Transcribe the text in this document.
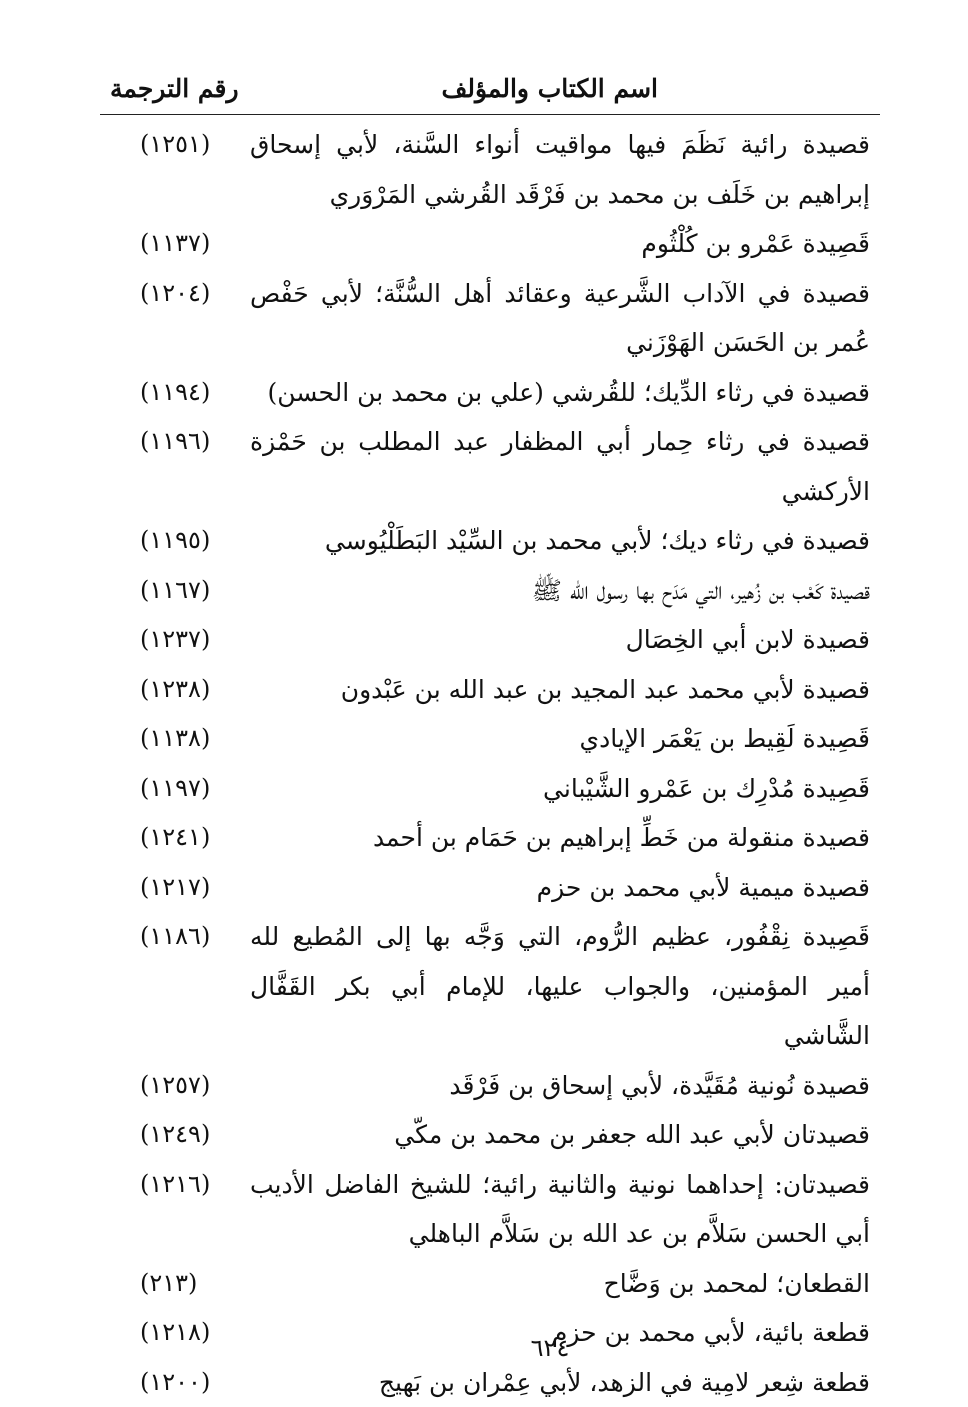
اسم الكتاب والمؤلف
رقم الترجمة
قصيدة رائية نَظَمَ فيها مواقيت أنواء السَّنة، لأبي إسحاق إبراهيم بن خَلَف بن محمد بن فَرْقَد القُرشي المَرْوَري
(١٢٥١)
قَصِيدة عَمْرو بن كُلْثُوم
(١١٣٧)
قصيدة في الآداب الشَّرعية وعقائد أهل السُّنَّة؛ لأبي حَفْص عُمر بن الحَسَن الهَوْزَني
(١٢٠٤)
قصيدة في رثاء الدِّيك؛ للقُرشي (علي بن محمد بن الحسن)
(١١٩٤)
قصيدة في رثاء حِمار أبي المظفار عبد المطلب بن حَمْزة الأركشي
(١١٩٦)
قصيدة في رثاء ديك؛ لأبي محمد بن السِّيْد البَطَلْيُوسي
(١١٩٥)
قصيدة كَعْب بن زُهير، التي مَدَح بها رسول الله ﷺ
(١١٦٧)
قصيدة لابن أبي الخِصَال
(١٢٣٧)
قصيدة لأبي محمد عبد المجيد بن عبد الله بن عَبْدون
(١٢٣٨)
قَصِيدة لَقِيط بن يَعْمَر الإيادي
(١١٣٨)
قَصِيدة مُدْرِك بن عَمْرو الشَّيْباني
(١١٩٧)
قصيدة منقولة من خَطِّ إبراهيم بن حَمَام بن أحمد
(١٢٤١)
قصيدة ميمية لأبي محمد بن حزم
(١٢١٧)
قَصِيدة نِقْفُور، عظيم الرُّوم، التي وَجَّه بها إلى المُطيع لله أمير المؤمنين، والجواب عليها، للإمام أبي بكر القَفَّال الشَّاشي
(١١٨٦)
قصيدة نُونية مُقَيَّدة، لأبي إسحاق بن فَرْقَد
(١٢٥٧)
قصيدتان لأبي عبد الله جعفر بن محمد بن مكّي
(١٢٤٩)
قصيدتان: إحداهما نونية والثانية رائية؛ للشيخ الفاضل الأديب أبي الحسن سَلاَّم بن عد الله بن سَلاَّم الباهلي
(١٢١٦)
القطعان؛ لمحمد بن وَضَّاح
(٢١٣)
قطعة بائية، لأبي محمد بن حزم
(١٢١٨)
قطعة شِعر لامِية في الزهد، لأبي عِمْران بن بَهيج
(١٢٠٠)
٦٢٤
